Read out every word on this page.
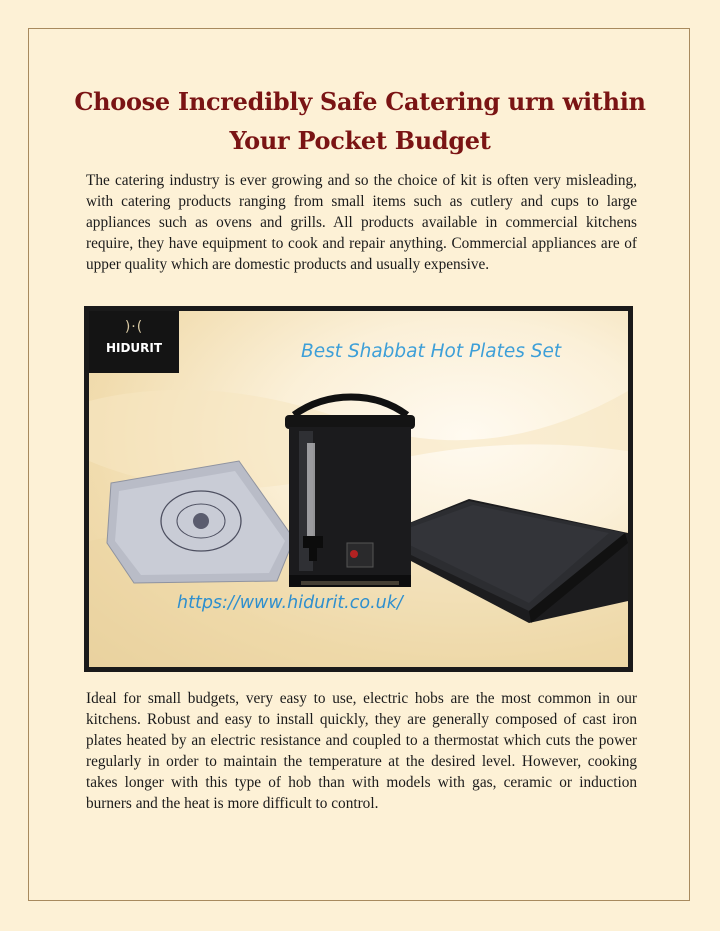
Choose Incredibly Safe Catering urn within Your Pocket Budget

The catering industry is ever growing and so the choice of kit is often very misleading, with catering products ranging from small items such as cutlery and cups to large appliances such as ovens and grills. All products available in commercial kitchens require, they have equipment to cook and repair anything. Commercial appliances are of upper quality which are domestic products and usually expensive.

)·(
HIDURIT	Best Shabbat Hot Plates Set
https://www.hidurit.co.uk/

Ideal for small budgets, very easy to use, electric hobs are the most common in our kitchens. Robust and easy to install quickly, they are generally composed of cast iron plates heated by an electric resistance and coupled to a thermostat which cuts the power regularly in order to maintain the temperature at the desired level. However, cooking takes longer with this type of hob than with models with gas, ceramic or induction burners and the heat is more difficult to control.
